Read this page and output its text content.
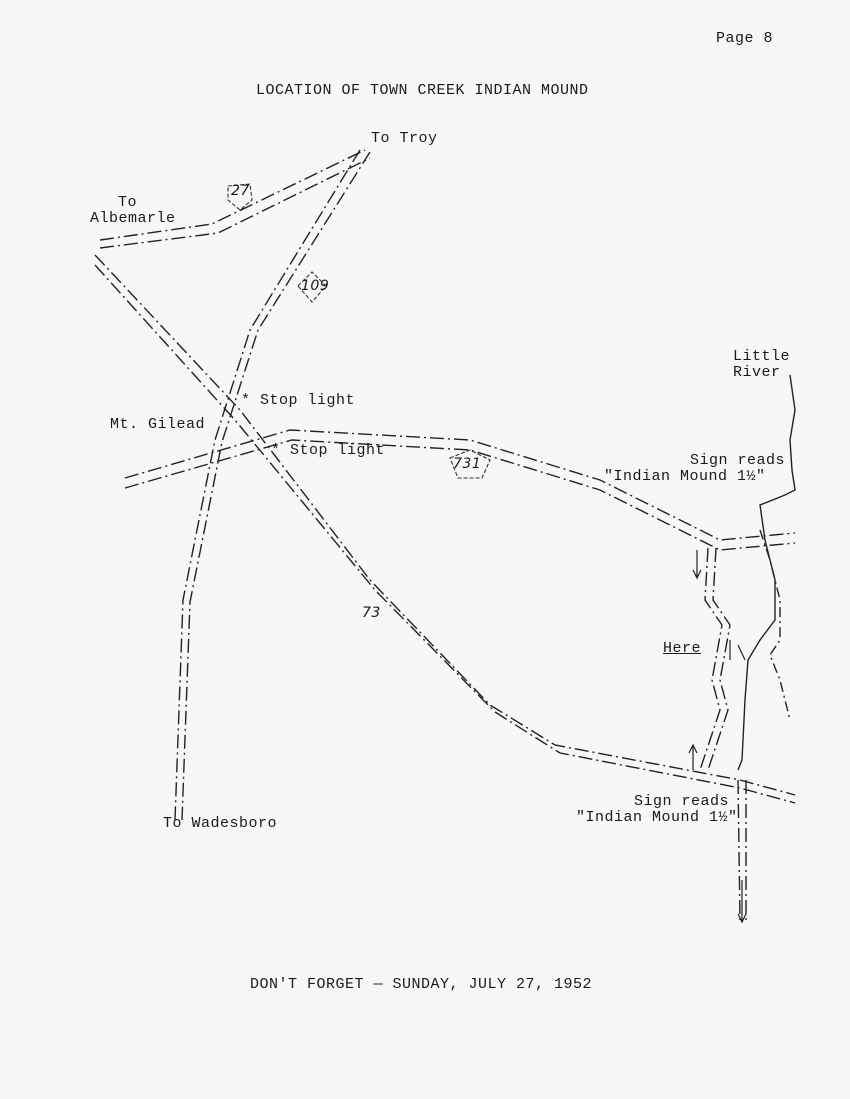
Page 8
LOCATION OF TOWN CREEK INDIAN MOUND
To Troy
To
Albemarle
27
109
731
73
Little
River
* Stop light
Mt. Gilead
* Stop light
Sign reads
"Indian Mound 1½"
Here
Sign reads
"Indian Mound 1½"
To Wadesboro
DON'T FORGET — SUNDAY, JULY 27, 1952
